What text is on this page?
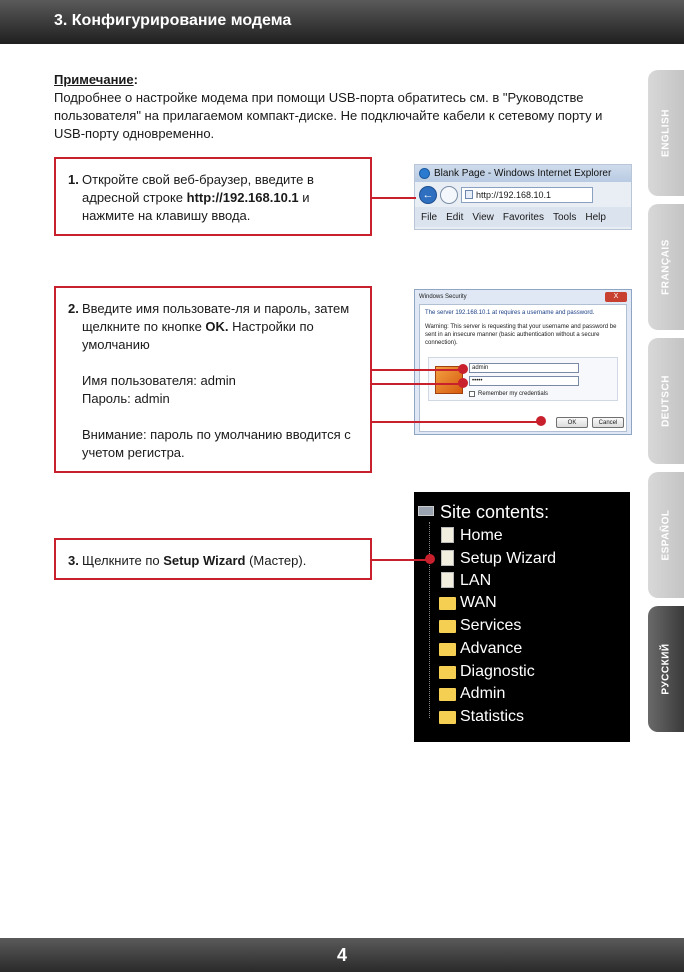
3. Конфигурирование модема
Примечание:
Подробнее о настройке модема при помощи USB-порта обратитесь см. в "Руководстве пользователя" на прилагаемом компакт-диске. Не подключайте кабели к сетевому порту и USB-порту одновременно.
1. Откройте свой веб-браузер, введите в адресной строке http://192.168.10.1 и нажмите на клавишу ввода.
2. Введите имя пользовате-ля и пароль, затем щелкните по кнопке OK. Настройки по умолчанию
Имя пользователя: admin
Пароль: admin
Внимание: пароль по умолчанию вводится с учетом регистра.
3. Щелкните по Setup Wizard (Мастер).
Blank Page - Windows Internet Explorer
←	http://192.168.10.1
File Edit View Favorites Tools Help
Windows Security	X
The server 192.168.10.1 at requires a username and password.
Warning: This server is requesting that your username and password be sent in an insecure manner (basic authentication without a secure connection).
admin
•••••
Remember my credentials
OK	Cancel
Site contents:
Home
Setup Wizard
LAN
WAN
Services
Advance
Diagnostic
Admin
Statistics
ENGLISH
FRANÇAIS
DEUTSCH
ESPAÑOL
РУССКИЙ
4
